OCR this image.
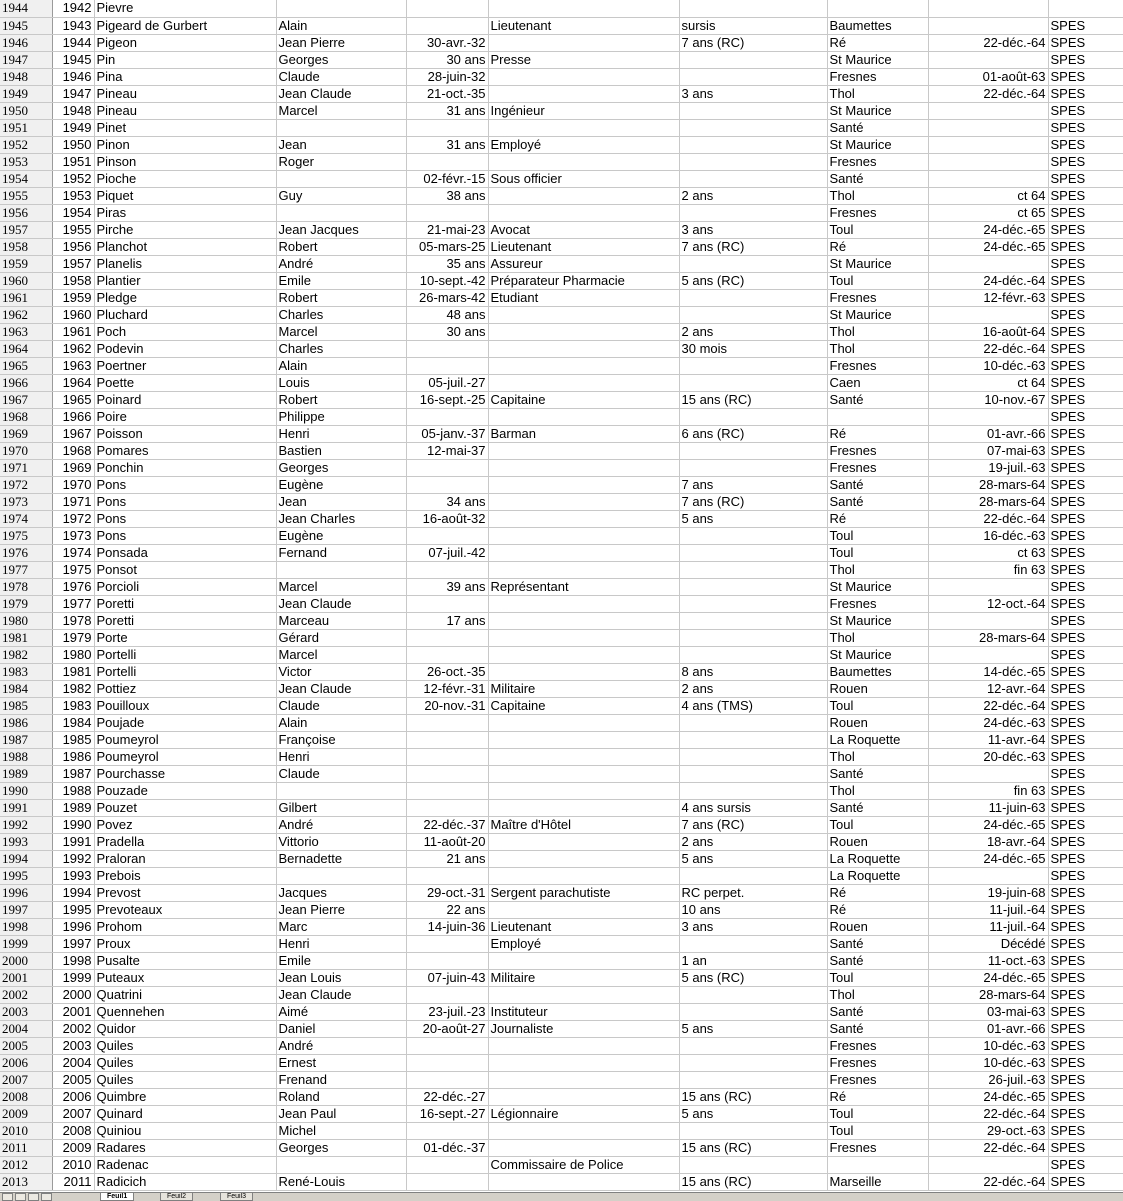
1944	1942	Pievre							
1945	1943	Pigeard de Gurbert	Alain		Lieutenant	sursis	Baumettes		SPES
1946	1944	Pigeon	Jean Pierre	30-avr.-32		7 ans (RC)	Ré	22-déc.-64	SPES
1947	1945	Pin	Georges	30 ans	Presse		St Maurice		SPES
1948	1946	Pina	Claude	28-juin-32			Fresnes	01-août-63	SPES
1949	1947	Pineau	Jean Claude	21-oct.-35		3 ans	Thol	22-déc.-64	SPES
1950	1948	Pineau	Marcel	31 ans	Ingénieur		St Maurice		SPES
1951	1949	Pinet					Santé		SPES
1952	1950	Pinon	Jean	31 ans	Employé		St Maurice		SPES
1953	1951	Pinson	Roger				Fresnes		SPES
1954	1952	Pioche		02-févr.-15	Sous officier		Santé		SPES
1955	1953	Piquet	Guy	38 ans		2 ans	Thol	ct 64	SPES
1956	1954	Piras					Fresnes	ct 65	SPES
1957	1955	Pirche	Jean Jacques	21-mai-23	Avocat	3 ans	Toul	24-déc.-65	SPES
1958	1956	Planchot	Robert	05-mars-25	Lieutenant	7 ans (RC)	Ré	24-déc.-65	SPES
1959	1957	Planelis	André	35 ans	Assureur		St Maurice		SPES
1960	1958	Plantier	Emile	10-sept.-42	Préparateur Pharmacie	5 ans (RC)	Toul	24-déc.-64	SPES
1961	1959	Pledge	Robert	26-mars-42	Etudiant		Fresnes	12-févr.-63	SPES
1962	1960	Pluchard	Charles	48 ans			St Maurice		SPES
1963	1961	Poch	Marcel	30 ans		2 ans	Thol	16-août-64	SPES
1964	1962	Podevin	Charles			30 mois	Thol	22-déc.-64	SPES
1965	1963	Poertner	Alain				Fresnes	10-déc.-63	SPES
1966	1964	Poette	Louis	05-juil.-27			Caen	ct 64	SPES
1967	1965	Poinard	Robert	16-sept.-25	Capitaine	15 ans (RC)	Santé	10-nov.-67	SPES
1968	1966	Poire	Philippe						SPES
1969	1967	Poisson	Henri	05-janv.-37	Barman	6 ans (RC)	Ré	01-avr.-66	SPES
1970	1968	Pomares	Bastien	12-mai-37			Fresnes	07-mai-63	SPES
1971	1969	Ponchin	Georges				Fresnes	19-juil.-63	SPES
1972	1970	Pons	Eugène			7 ans	Santé	28-mars-64	SPES
1973	1971	Pons	Jean	34 ans		7 ans (RC)	Santé	28-mars-64	SPES
1974	1972	Pons	Jean Charles	16-août-32		5 ans	Ré	22-déc.-64	SPES
1975	1973	Pons	Eugène				Toul	16-déc.-63	SPES
1976	1974	Ponsada	Fernand	07-juil.-42			Toul	ct 63	SPES
1977	1975	Ponsot					Thol	fin 63	SPES
1978	1976	Porcioli	Marcel	39 ans	Représentant		St Maurice		SPES
1979	1977	Poretti	Jean Claude				Fresnes	12-oct.-64	SPES
1980	1978	Poretti	Marceau	17 ans			St Maurice		SPES
1981	1979	Porte	Gérard				Thol	28-mars-64	SPES
1982	1980	Portelli	Marcel				St Maurice		SPES
1983	1981	Portelli	Victor	26-oct.-35		8 ans	Baumettes	14-déc.-65	SPES
1984	1982	Pottiez	Jean Claude	12-févr.-31	Militaire	2 ans	Rouen	12-avr.-64	SPES
1985	1983	Pouilloux	Claude	20-nov.-31	Capitaine	4 ans (TMS)	Toul	22-déc.-64	SPES
1986	1984	Poujade	Alain				Rouen	24-déc.-63	SPES
1987	1985	Poumeyrol	Françoise				La Roquette	11-avr.-64	SPES
1988	1986	Poumeyrol	Henri				Thol	20-déc.-63	SPES
1989	1987	Pourchasse	Claude				Santé		SPES
1990	1988	Pouzade					Thol	fin 63	SPES
1991	1989	Pouzet	Gilbert			4 ans sursis	Santé	11-juin-63	SPES
1992	1990	Povez	André	22-déc.-37	Maître d'Hôtel	7 ans (RC)	Toul	24-déc.-65	SPES
1993	1991	Pradella	Vittorio	11-août-20		2 ans	Rouen	18-avr.-64	SPES
1994	1992	Praloran	Bernadette	21 ans		5 ans	La Roquette	24-déc.-65	SPES
1995	1993	Prebois					La Roquette		SPES
1996	1994	Prevost	Jacques	29-oct.-31	Sergent parachutiste	RC perpet.	Ré	19-juin-68	SPES
1997	1995	Prevoteaux	Jean Pierre	22 ans		10 ans	Ré	11-juil.-64	SPES
1998	1996	Prohom	Marc	14-juin-36	Lieutenant	3 ans	Rouen	11-juil.-64	SPES
1999	1997	Proux	Henri		Employé		Santé	Décédé	SPES
2000	1998	Pusalte	Emile			1 an	Santé	11-oct.-63	SPES
2001	1999	Puteaux	Jean Louis	07-juin-43	Militaire	5 ans (RC)	Toul	24-déc.-65	SPES
2002	2000	Quatrini	Jean Claude				Thol	28-mars-64	SPES
2003	2001	Quennehen	Aimé	23-juil.-23	Instituteur		Santé	03-mai-63	SPES
2004	2002	Quidor	Daniel	20-août-27	Journaliste	5 ans	Santé	01-avr.-66	SPES
2005	2003	Quiles	André				Fresnes	10-déc.-63	SPES
2006	2004	Quiles	Ernest				Fresnes	10-déc.-63	SPES
2007	2005	Quiles	Frenand				Fresnes	26-juil.-63	SPES
2008	2006	Quimbre	Roland	22-déc.-27		15 ans (RC)	Ré	24-déc.-65	SPES
2009	2007	Quinard	Jean Paul	16-sept.-27	Légionnaire	5 ans	Toul	22-déc.-64	SPES
2010	2008	Quiniou	Michel				Toul	29-oct.-63	SPES
2011	2009	Radares	Georges	01-déc.-37		15 ans (RC)	Fresnes	22-déc.-64	SPES
2012	2010	Radenac			Commissaire de Police				SPES
2013	2011	Radicich	René-Louis			15 ans (RC)	Marseille	22-déc.-64	SPES
Feuil1	Feuil2	Feuil3
